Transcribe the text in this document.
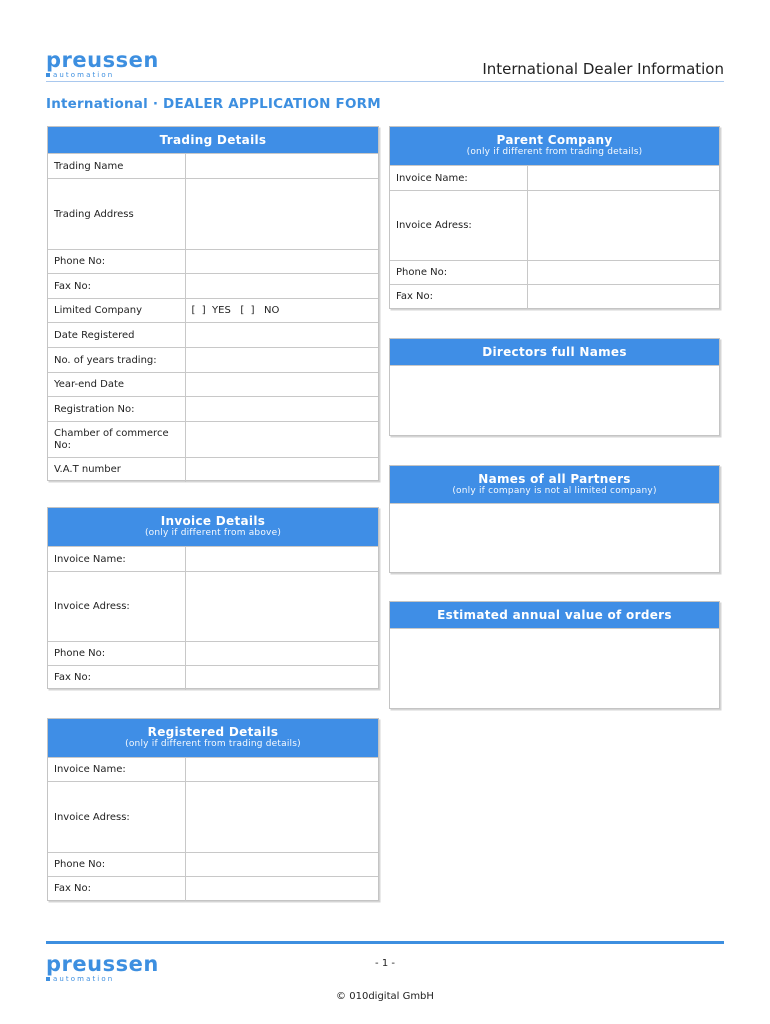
preussen
automation	International Dealer Information
International · DEALER APPLICATION FORM
Trading Details
Trading Name	
Trading Address	
Phone No:	
Fax No:	
Limited Company	[  ]  YES   [  ]   NO
Date Registered	
No. of years trading:	
Year-end Date	
Registration No:	
Chamber of commerce No:	
V.A.T number	
Invoice Details
(only if different from above)
Invoice Name:	
Invoice Adress:	
Phone No:	
Fax No:	
Registered Details
(only if different from trading details)
Invoice Name:	
Invoice Adress:	
Phone No:	
Fax No:	
Parent Company
(only if different from trading details)
Invoice Name:	
Invoice Adress:	
Phone No:	
Fax No:	
Directors full Names
Names of all Partners
(only if company is not al limited company)
Estimated annual value of orders
preussen
automation
- 1 -
© 010digital GmbH
